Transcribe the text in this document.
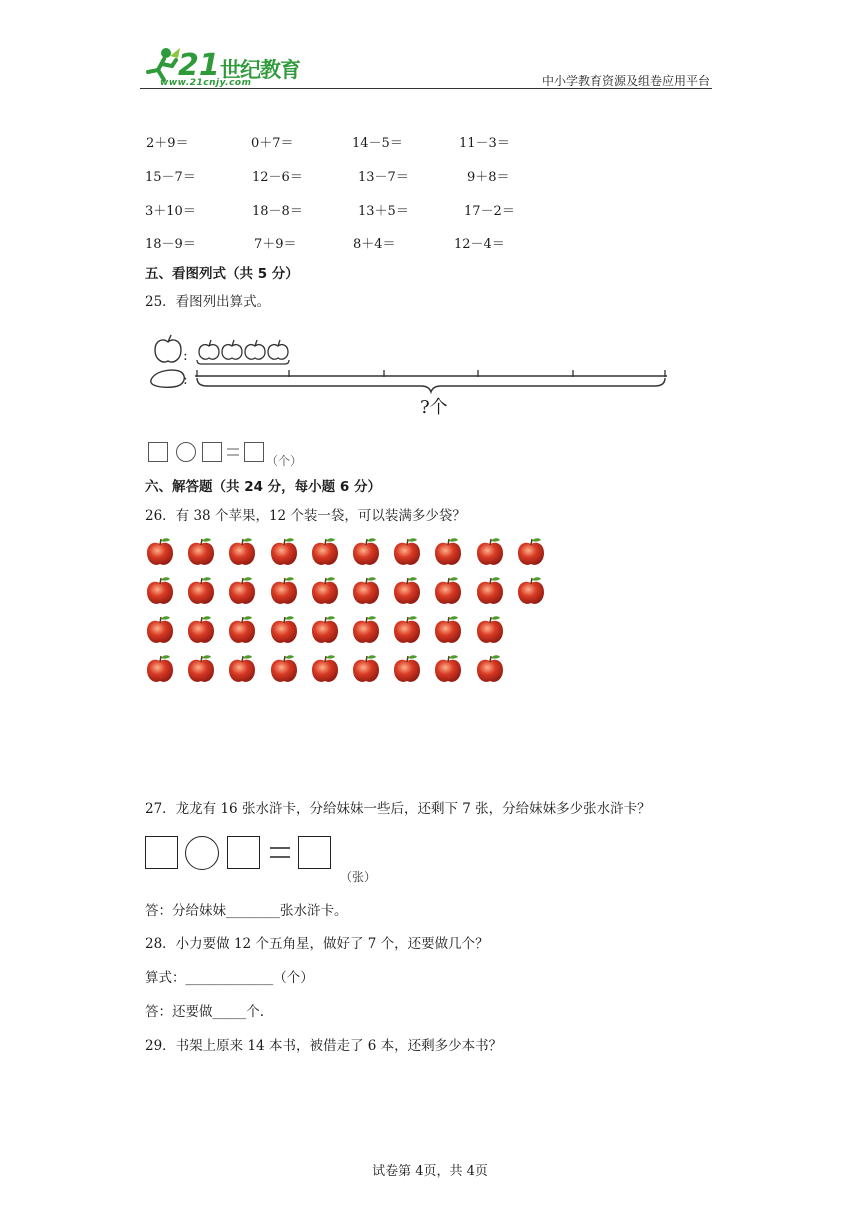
21 世纪教育
www.21cnjy.com	中小学教育资源及组卷应用平台
2＋9＝	0＋7＝	14－5＝	11－3＝
15－7＝	12－6＝	13－7＝	9＋8＝
3＋10＝	18－8＝	13＋5＝	17－2＝
18－9＝	7＋9＝	8＋4＝	12－4＝
五、看图列式（共 5 分）
25．看图列出算式。
:
:
?个
（个）
六、解答题（共 24 分，每小题 6 分）
26．有 38 个苹果，12 个装一袋，可以装满多少袋？
27．龙龙有 16 张水浒卡，分给妹妹一些后，还剩下 7 张，分给妹妹多少张水浒卡？
（张）
答：分给妹妹________张水浒卡。
28．小力要做 12 个五角星，做好了 7 个，还要做几个？
算式：_____________（个）
答：还要做_____个.
29．书架上原来 14 本书，被借走了 6 本，还剩多少本书？
试卷第 4页，共 4页
